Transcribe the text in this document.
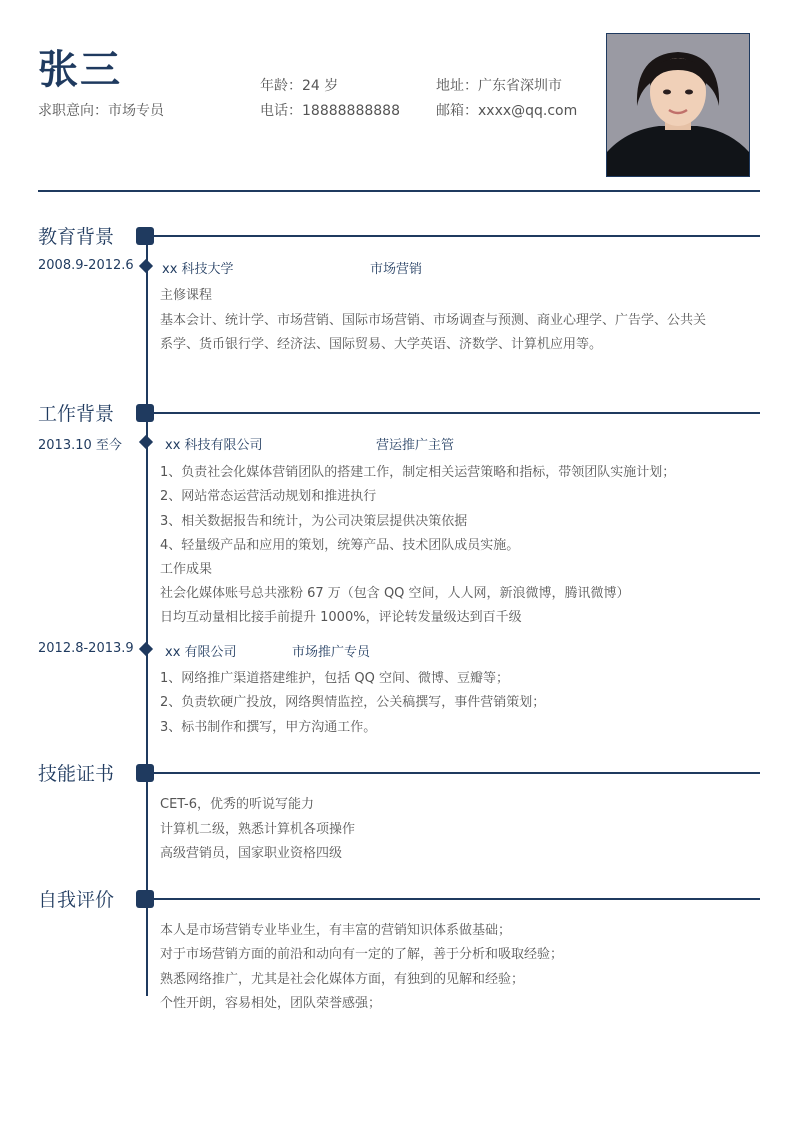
张三
求职意向：市场专员
年龄：24 岁
电话：18888888888
地址：广东省深圳市
邮箱：xxxx@qq.com
教育背景
2008.9-2012.6 xx 科技大学	市场营销
主修课程
基本会计、统计学、市场营销、国际市场营销、市场调查与预测、商业心理学、广告学、公共关
系学、货币银行学、经济法、国际贸易、大学英语、济数学、计算机应用等。
工作背景
2013.10 至今	xx 科技有限公司	营运推广主管
1、负责社会化媒体营销团队的搭建工作，制定相关运营策略和指标，带领团队实施计划；
2、网站常态运营活动规划和推进执行
3、相关数据报告和统计，为公司决策层提供决策依据
4、轻量级产品和应用的策划，统筹产品、技术团队成员实施。
工作成果
社会化媒体账号总共涨粉 67 万（包含 QQ 空间，人人网，新浪微博，腾讯微博）
日均互动量相比接手前提升 1000%，评论转发量级达到百千级
2012.8-2013.9 xx 有限公司	市场推广专员
1、网络推广渠道搭建维护，包括 QQ 空间、微博、豆瓣等；
2、负责软硬广投放，网络舆情监控，公关稿撰写，事件营销策划；
3、标书制作和撰写，甲方沟通工作。
技能证书
CET-6，优秀的听说写能力
计算机二级，熟悉计算机各项操作
高级营销员，国家职业资格四级
自我评价
本人是市场营销专业毕业生，有丰富的营销知识体系做基础；
对于市场营销方面的前沿和动向有一定的了解，善于分析和吸取经验；
熟悉网络推广，尤其是社会化媒体方面，有独到的见解和经验；
个性开朗，容易相处，团队荣誉感强；
